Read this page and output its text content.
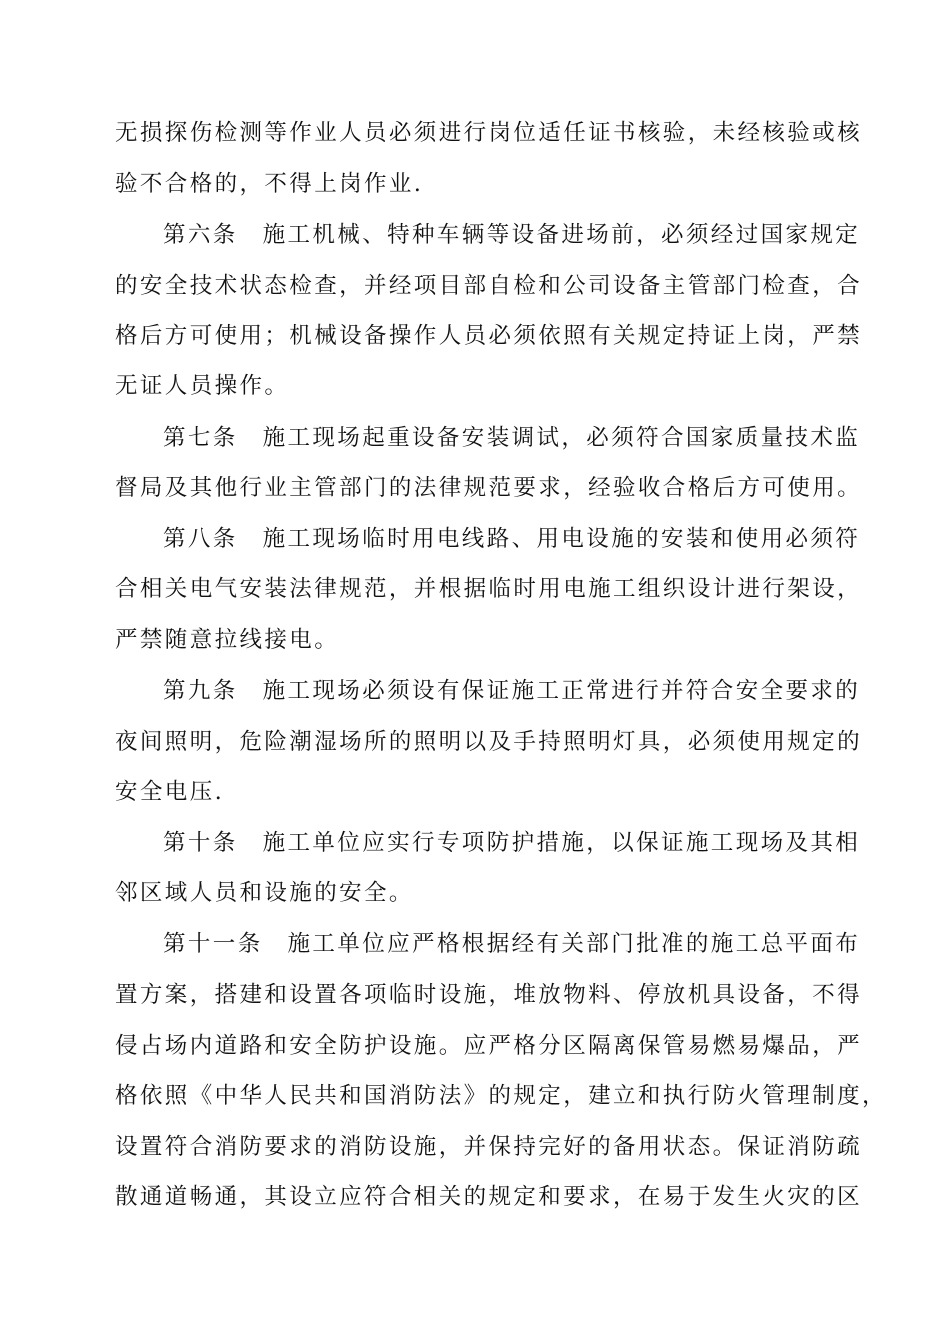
无损探伤检测等作业人员必须进行岗位适任证书核验，未经核验或核
验不合格的，不得上岗作业.
第六条　施工机械、特种车辆等设备进场前，必须经过国家规定
的安全技术状态检查，并经项目部自检和公司设备主管部门检查，合
格后方可使用；机械设备操作人员必须依照有关规定持证上岗，严禁
无证人员操作。
第七条　施工现场起重设备安装调试，必须符合国家质量技术监
督局及其他行业主管部门的法律规范要求，经验收合格后方可使用。
第八条　施工现场临时用电线路、用电设施的安装和使用必须符
合相关电气安装法律规范，并根据临时用电施工组织设计进行架设，
严禁随意拉线接电。
第九条　施工现场必须设有保证施工正常进行并符合安全要求的
夜间照明，危险潮湿场所的照明以及手持照明灯具，必须使用规定的
安全电压.
第十条　施工单位应实行专项防护措施，以保证施工现场及其相
邻区域人员和设施的安全。
第十一条　施工单位应严格根据经有关部门批准的施工总平面布
置方案，搭建和设置各项临时设施，堆放物料、停放机具设备，不得
侵占场内道路和安全防护设施。应严格分区隔离保管易燃易爆品，严
格依照《中华人民共和国消防法》的规定，建立和执行防火管理制度，
设置符合消防要求的消防设施，并保持完好的备用状态。保证消防疏
散通道畅通，其设立应符合相关的规定和要求，在易于发生火灾的区
